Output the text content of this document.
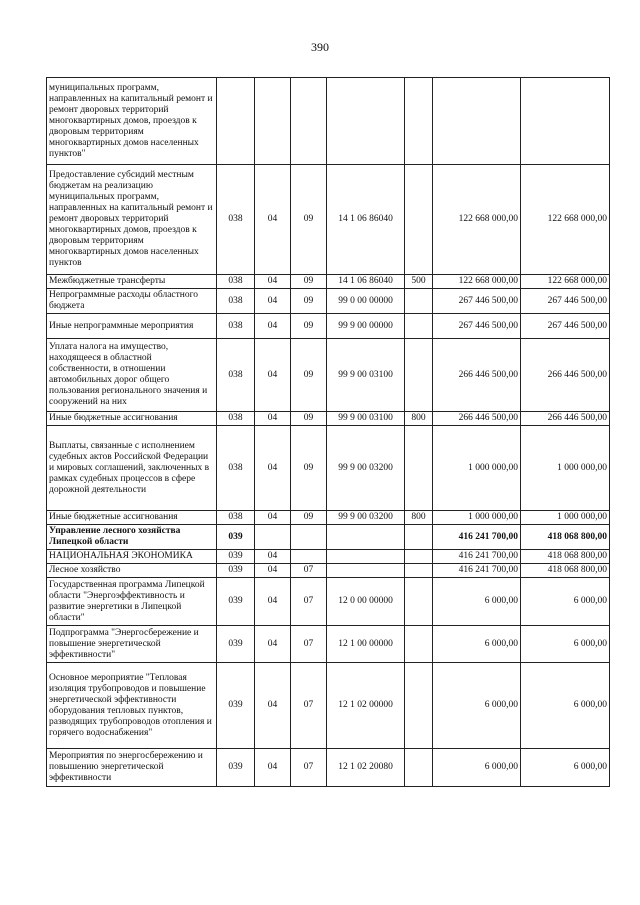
390
муниципальных программ, направленных на капитальный ремонт и ремонт дворовых территорий многоквартирных домов, проездов к дворовым территориям многоквартирных домов населенных пунктов"							
Предоставление субсидий местным бюджетам на реализацию муниципальных программ, направленных на капитальный ремонт и ремонт дворовых территорий многоквартирных домов, проездов к дворовым территориям многоквартирных домов населенных пунктов	038	04	09	14 1 06 86040		122 668 000,00	122 668 000,00
Межбюджетные трансферты	038	04	09	14 1 06 86040	500	122 668 000,00	122 668 000,00
Непрограммные расходы областного бюджета	038	04	09	99 0 00 00000		267 446 500,00	267 446 500,00
Иные непрограммные мероприятия	038	04	09	99 9 00 00000		267 446 500,00	267 446 500,00
Уплата налога на имущество, находящееся в областной собственности, в отношении автомобильных дорог общего пользования регионального значения и сооружений на них	038	04	09	99 9 00 03100		266 446 500,00	266 446 500,00
Иные бюджетные ассигнования	038	04	09	99 9 00 03100	800	266 446 500,00	266 446 500,00
Выплаты, связанные с исполнением судебных актов Российской Федерации и мировых соглашений, заключенных в рамках судебных процессов в сфере дорожной деятельности	038	04	09	99 9 00 03200		1 000 000,00	1 000 000,00
Иные бюджетные ассигнования	038	04	09	99 9 00 03200	800	1 000 000,00	1 000 000,00
Управление лесного хозяйства Липецкой области	039					416 241 700,00	418 068 800,00
НАЦИОНАЛЬНАЯ ЭКОНОМИКА	039	04				416 241 700,00	418 068 800,00
Лесное хозяйство	039	04	07			416 241 700,00	418 068 800,00
Государственная программа Липецкой области "Энергоэффективность и развитие энергетики в Липецкой области"	039	04	07	12 0 00 00000		6 000,00	6 000,00
Подпрограмма "Энергосбережение и повышение энергетической эффективности"	039	04	07	12 1 00 00000		6 000,00	6 000,00
Основное мероприятие "Тепловая изоляция трубопроводов и повышение энергетической эффективности оборудования тепловых пунктов, разводящих трубопроводов отопления и горячего водоснабжения"	039	04	07	12 1 02 00000		6 000,00	6 000,00
Мероприятия по энергосбережению и повышению энергетической эффективности	039	04	07	12 1 02 20080		6 000,00	6 000,00
